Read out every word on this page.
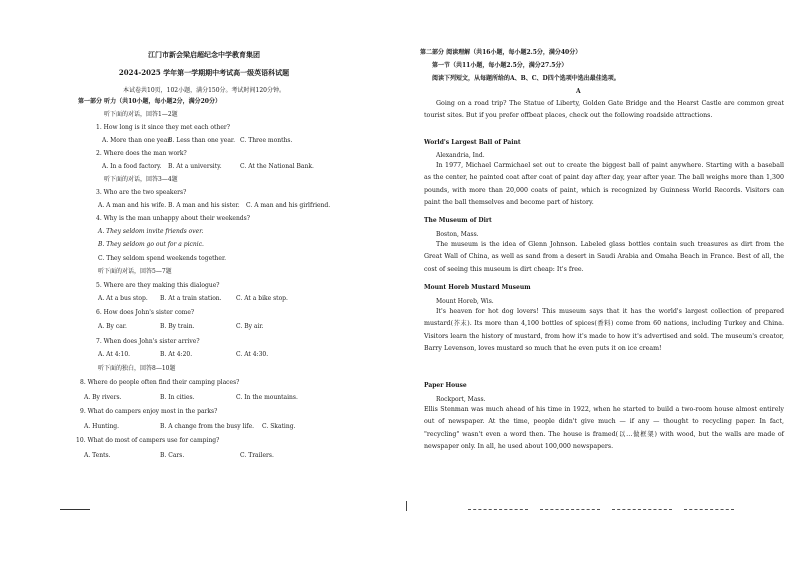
江门市新会梁启超纪念中学教育集团
2024-2025 学年第一学期期中考试高一级英语科试题
本试卷共10页，102小题，满分150分。考试时间120分钟。
第一部分 听力（共10小题，每小题2分，满分20分）
听下面的对话，回答1—2题
1. How long is it since they met each other?
A. More than one year.
B. Less than one year. C. Three months.
2. Where does the man work?
A. In a food factory. B. At a university.	C. At the National Bank.
听下面的对话，回答3—4题
3. Who are the two speakers?
A. A man and his wife. B. A man and his sister. C. A man and his girlfriend.
4. Why is the man unhappy about their weekends?
A. They seldom invite friends over.
B. They seldom go out for a picnic.
C. They seldom spend weekends together.
听下面的对话，回答5—7题
5. Where are they making this dialogue?
A. At a bus stop. B. At a train station. C. At a bike stop.
6. How does John's sister come?
A. By car.	B. By train.	C. By air.
7. When does John's sister arrive?
A. At 4:10.	B. At 4:20.	C. At 4:30.
听下面的独白，回答8—10题
8. Where do people often find their camping places?
A. By rivers.	B. In cities.	C. In the mountains.
9. What do campers enjoy most in the parks?
A. Hunting.	B. A change from the busy life. C. Skating.
10. What do most of campers use for camping?
A. Tents.	B. Cars.	C. Trailers.
第二部分 阅读理解（共16小题，每小题2.5分，满分40分）
第一节（共11小题，每小题2.5分，满分27.5分）
阅读下列短文，从每题所给的A、B、C、D四个选项中选出最佳选项。
A
Going on a road trip? The Statue of Liberty, Golden Gate Bridge and the Hearst Castle are common great tourist sites. But if you prefer offbeat places, check out the following roadside attractions.
World's Largest Ball of Paint
Alexandria, Ind.
In 1977, Michael Carmichael set out to create the biggest ball of paint anywhere. Starting with a baseball as the center, he painted coat after coat of paint day after day, year after year. The ball weighs more than 1,300 pounds, with more than 20,000 coats of paint, which is recognized by Guinness World Records. Visitors can paint the ball themselves and become part of history.
The Museum of Dirt
Boston, Mass.
The museum is the idea of Glenn Johnson. Labeled glass bottles contain such treasures as dirt from the Great Wall of China, as well as sand from a desert in Saudi Arabia and Omaha Beach in France. Best of all, the cost of seeing this museum is dirt cheap: It's free.
Mount Horeb Mustard Museum
Mount Horeb, Wis.
It's heaven for hot dog lovers! This museum says that it has the world's largest collection of prepared mustard(芥末). Its more than 4,100 bottles of spices(香料) come from 60 nations, including Turkey and China. Visitors learn the history of mustard, from how it's made to how it's advertised and sold. The museum's creator, Barry Levenson, loves mustard so much that he even puts it on ice cream!
Paper House
Rockport, Mass.
Ellis Stenman was much ahead of his time in 1922, when he started to build a two-room house almost entirely out of newspaper. At the time, people didn't give much — if any — thought to recycling paper. In fact, "recycling" wasn't even a word then. The house is framed(以…做框架) with wood, but the walls are made of newspaper only. In all, he used about 100,000 newspapers.
